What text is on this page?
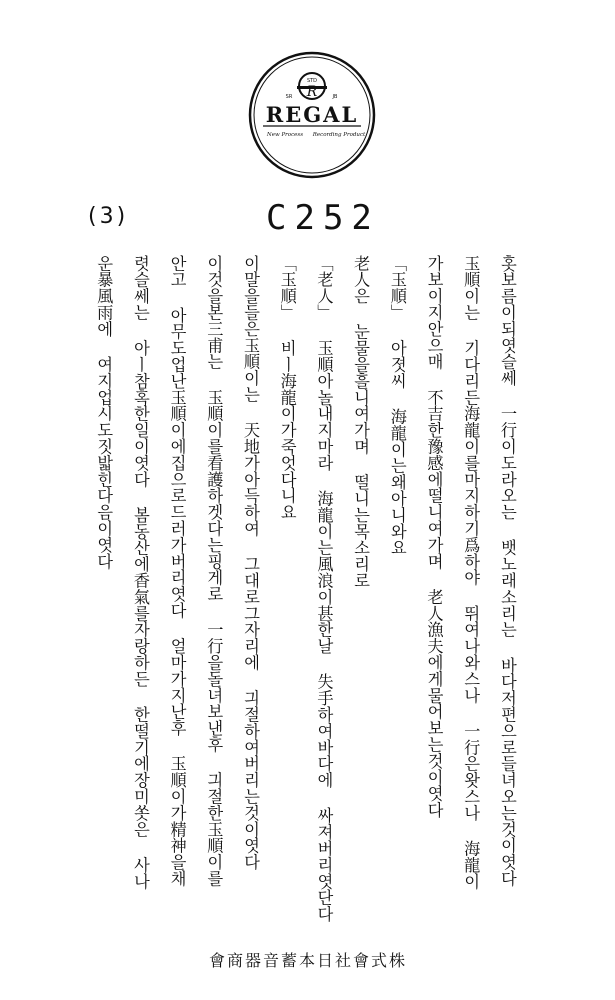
STD
R
SR	JB
REGAL
New Process Recording Product
(3)	C252
홋보름이되엿슬쎄 一行이도라오는 뱃노래소리는 바다저편으로들녀오는것이엿다
玉順이는 기다리든海龍이를마지하기爲하야 뛰여나와스나 一行은왓스나 海龍이
가보이지안으매 不吉한豫感에떨니여가며 老人漁夫에게물어보는것이엿다
「玉順」 아졋씨 海龍이는왜아니와요
老人은 눈물을흘니여가며 떨니는목소리로
「老人」 玉順아놀내지마라 海龍이는風浪이甚한날 失手하여바다에 싸져버리엿단다
「玉順」 비ㅣ海龍이가죽엇다니요
이말을들은玉順이는 天地가아득하여 그대로그자리에 긔절하여버리는것이엿다
이것을본三甫는 玉順이를看護하겟다는핑게로 一行을돌녀보낸후 긔절한玉順이를
안고 아무도업난玉順이에집으로드러가버리엿다 얼마가지난후 玉順이가精神을채
렷슬쎄는 아ㅣ참혹한일이엿다 봄동산에香氣를자랑하든 한떨기에장미쏫은 사나
운暴風雨에 여지업시도짓밟힌다음이엿다
株式會社日本蓄音器商會
